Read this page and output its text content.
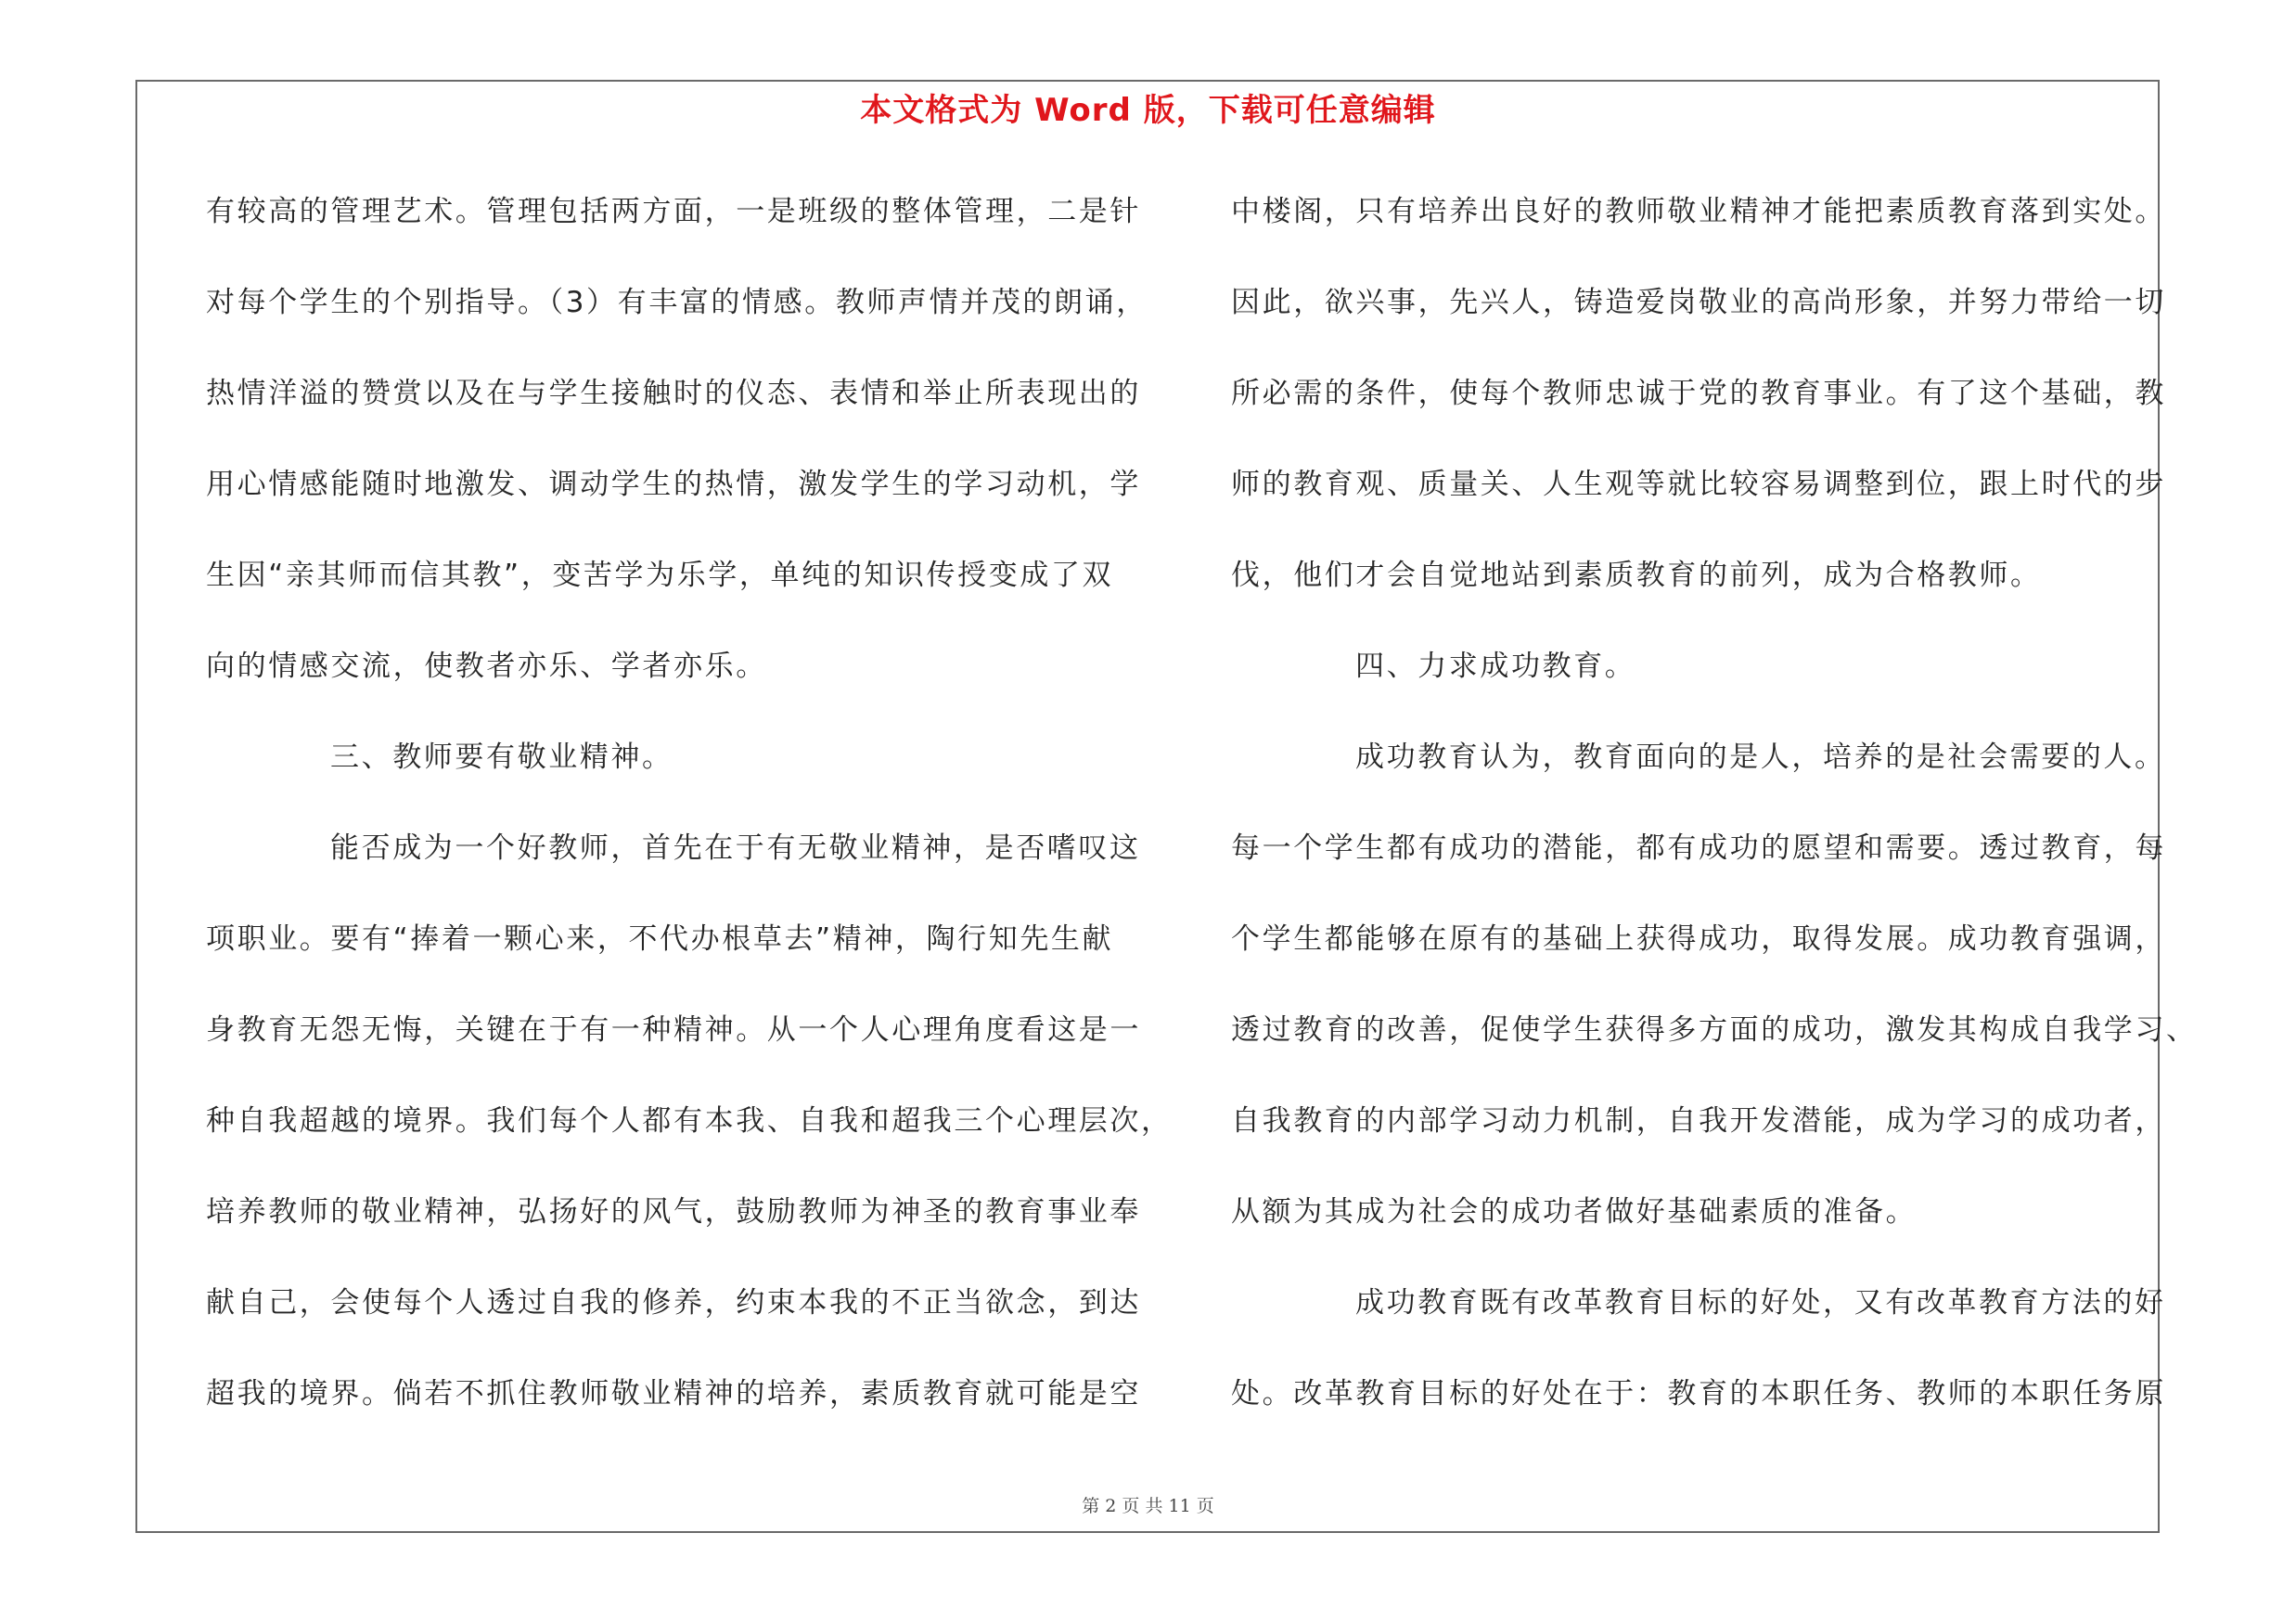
本文格式为 Word 版，下载可任意编辑
有较高的管理艺术。管理包括两方面，一是班级的整体管理，二是针
对每个学生的个别指导。（3）有丰富的情感。教师声情并茂的朗诵，
热情洋溢的赞赏以及在与学生接触时的仪态、表情和举止所表现出的
用心情感能随时地激发、调动学生的热情，激发学生的学习动机，学
生因“亲其师而信其教”，变苦学为乐学，单纯的知识传授变成了双
向的情感交流，使教者亦乐、学者亦乐。
三、教师要有敬业精神。
能否成为一个好教师，首先在于有无敬业精神，是否嗜叹这
项职业。要有“捧着一颗心来，不代办根草去”精神，陶行知先生献
身教育无怨无悔，关键在于有一种精神。从一个人心理角度看这是一
种自我超越的境界。我们每个人都有本我、自我和超我三个心理层次，
培养教师的敬业精神，弘扬好的风气，鼓励教师为神圣的教育事业奉
献自己，会使每个人透过自我的修养，约束本我的不正当欲念，到达
超我的境界。倘若不抓住教师敬业精神的培养，素质教育就可能是空
中楼阁，只有培养出良好的教师敬业精神才能把素质教育落到实处。
因此，欲兴事，先兴人，铸造爱岗敬业的高尚形象，并努力带给一切
所必需的条件，使每个教师忠诚于党的教育事业。有了这个基础，教
师的教育观、质量关、人生观等就比较容易调整到位，跟上时代的步
伐，他们才会自觉地站到素质教育的前列，成为合格教师。
四、力求成功教育。
成功教育认为，教育面向的是人，培养的是社会需要的人。
每一个学生都有成功的潜能，都有成功的愿望和需要。透过教育，每
个学生都能够在原有的基础上获得成功，取得发展。成功教育强调，
透过教育的改善，促使学生获得多方面的成功，激发其构成自我学习、
自我教育的内部学习动力机制，自我开发潜能，成为学习的成功者，
从额为其成为社会的成功者做好基础素质的准备。
成功教育既有改革教育目标的好处，又有改革教育方法的好
处。改革教育目标的好处在于：教育的本职任务、教师的本职任务原
第 2 页 共 11 页
